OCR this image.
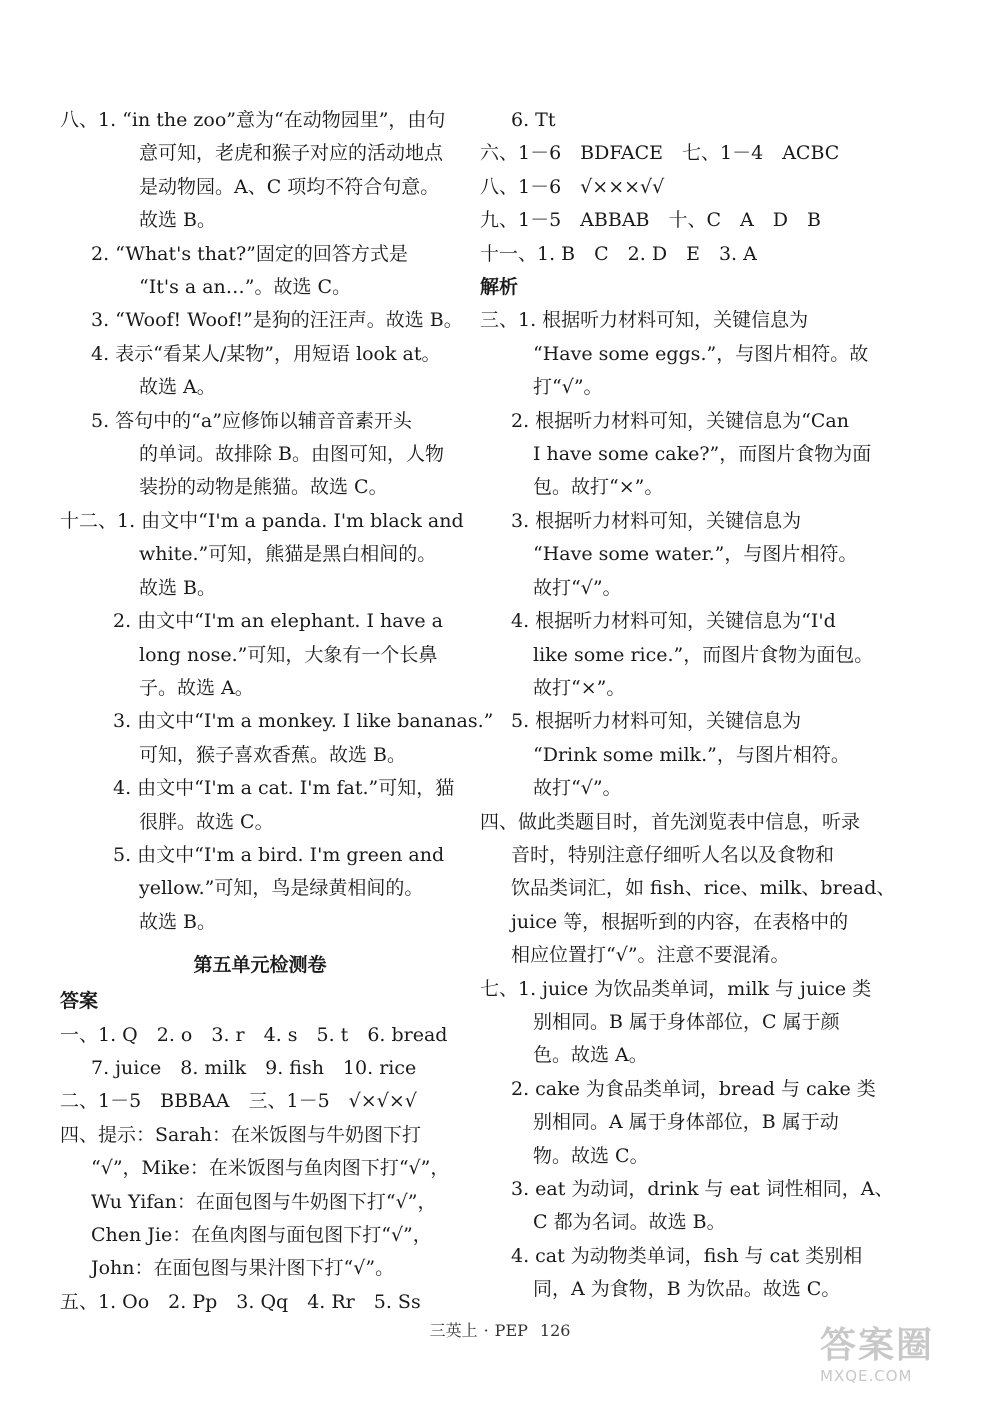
八、1. “in the zoo”意为“在动物园里”，由句
意可知，老虎和猴子对应的活动地点
是动物园。A、C 项均不符合句意。
故选 B。
2. “What's that?”固定的回答方式是
“It's a an…”。故选 C。
3. “Woof! Woof!”是狗的汪汪声。故选 B。
4. 表示“看某人/某物”，用短语 look at。
故选 A。
5. 答句中的“a”应修饰以辅音音素开头
的单词。故排除 B。由图可知，人物
装扮的动物是熊猫。故选 C。
十二、1. 由文中“I'm a panda. I'm black and
white.”可知，熊猫是黑白相间的。
故选 B。
2. 由文中“I'm an elephant. I have a
long nose.”可知，大象有一个长鼻
子。故选 A。
3. 由文中“I'm a monkey. I like bananas.”
可知，猴子喜欢香蕉。故选 B。
4. 由文中“I'm a cat. I'm fat.”可知，猫
很胖。故选 C。
5. 由文中“I'm a bird. I'm green and
yellow.”可知，鸟是绿黄相间的。
故选 B。
第五单元检测卷
答案
一、1. Q　2. o　3. r　4. s　5. t　6. bread
7. juice　8. milk　9. fish　10. rice
二、1－5　BBBAA　三、1－5　√×√×√
四、提示：Sarah：在米饭图与牛奶图下打
“√”，Mike：在米饭图与鱼肉图下打“√”，
Wu Yifan：在面包图与牛奶图下打“√”，
Chen Jie：在鱼肉图与面包图下打“√”，
John：在面包图与果汁图下打“√”。
五、1. Oo　2. Pp　3. Qq　4. Rr　5. Ss
6. Tt
六、1－6　BDFACE　七、1－4　ACBC
八、1－6　√×××√√
九、1－5　ABBAB　十、C　A　D　B
十一、1. B　C　2. D　E　3. A
解析
三、1. 根据听力材料可知，关键信息为
“Have some eggs.”，与图片相符。故
打“√”。
2. 根据听力材料可知，关键信息为“Can
I have some cake?”，而图片食物为面
包。故打“×”。
3. 根据听力材料可知，关键信息为
“Have some water.”，与图片相符。
故打“√”。
4. 根据听力材料可知，关键信息为“I'd
like some rice.”，而图片食物为面包。
故打“×”。
5. 根据听力材料可知，关键信息为
“Drink some milk.”，与图片相符。
故打“√”。
四、做此类题目时，首先浏览表中信息，听录
音时，特别注意仔细听人名以及食物和
饮品类词汇，如 fish、rice、milk、bread、
juice 等，根据听到的内容，在表格中的
相应位置打“√”。注意不要混淆。
七、1. juice 为饮品类单词，milk 与 juice 类
别相同。B 属于身体部位，C 属于颜
色。故选 A。
2. cake 为食品类单词，bread 与 cake 类
别相同。A 属于身体部位，B 属于动
物。故选 C。
3. eat 为动词，drink 与 eat 词性相同，A、
C 都为名词。故选 B。
4. cat 为动物类单词，fish 与 cat 类别相
同，A 为食物，B 为饮品。故选 C。
三英上 · PEP 126	答案圈
MXQE.COM
